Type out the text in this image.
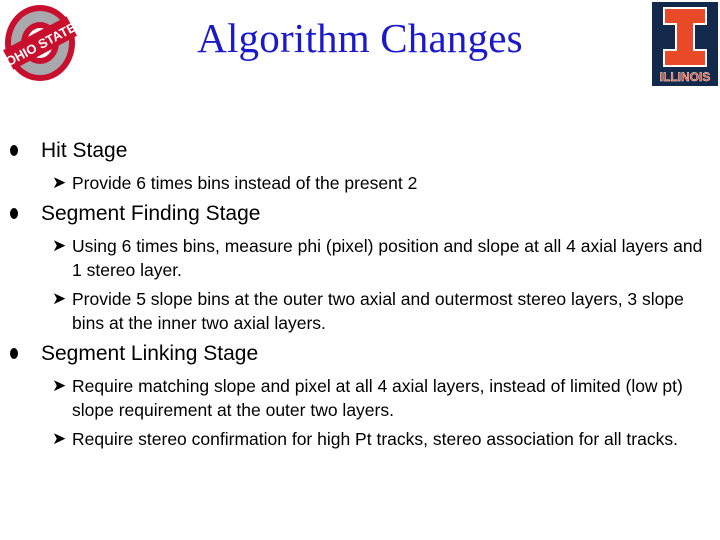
OHIO STATE	Algorithm Changes
ILLINOIS
Hit Stage
➤ Provide 6 times bins instead of the present 2
Segment Finding Stage
➤ Using 6 times bins, measure phi (pixel) position and slope at all 4 axial layers and 1 stereo layer.
➤ Provide 5 slope bins at the outer two axial and outermost stereo layers, 3 slope bins at the inner two axial layers.
Segment Linking Stage
➤ Require matching slope and pixel at all 4 axial layers, instead of limited (low pt) slope requirement at the outer two layers.
➤ Require stereo confirmation for high Pt tracks, stereo association for all tracks.
